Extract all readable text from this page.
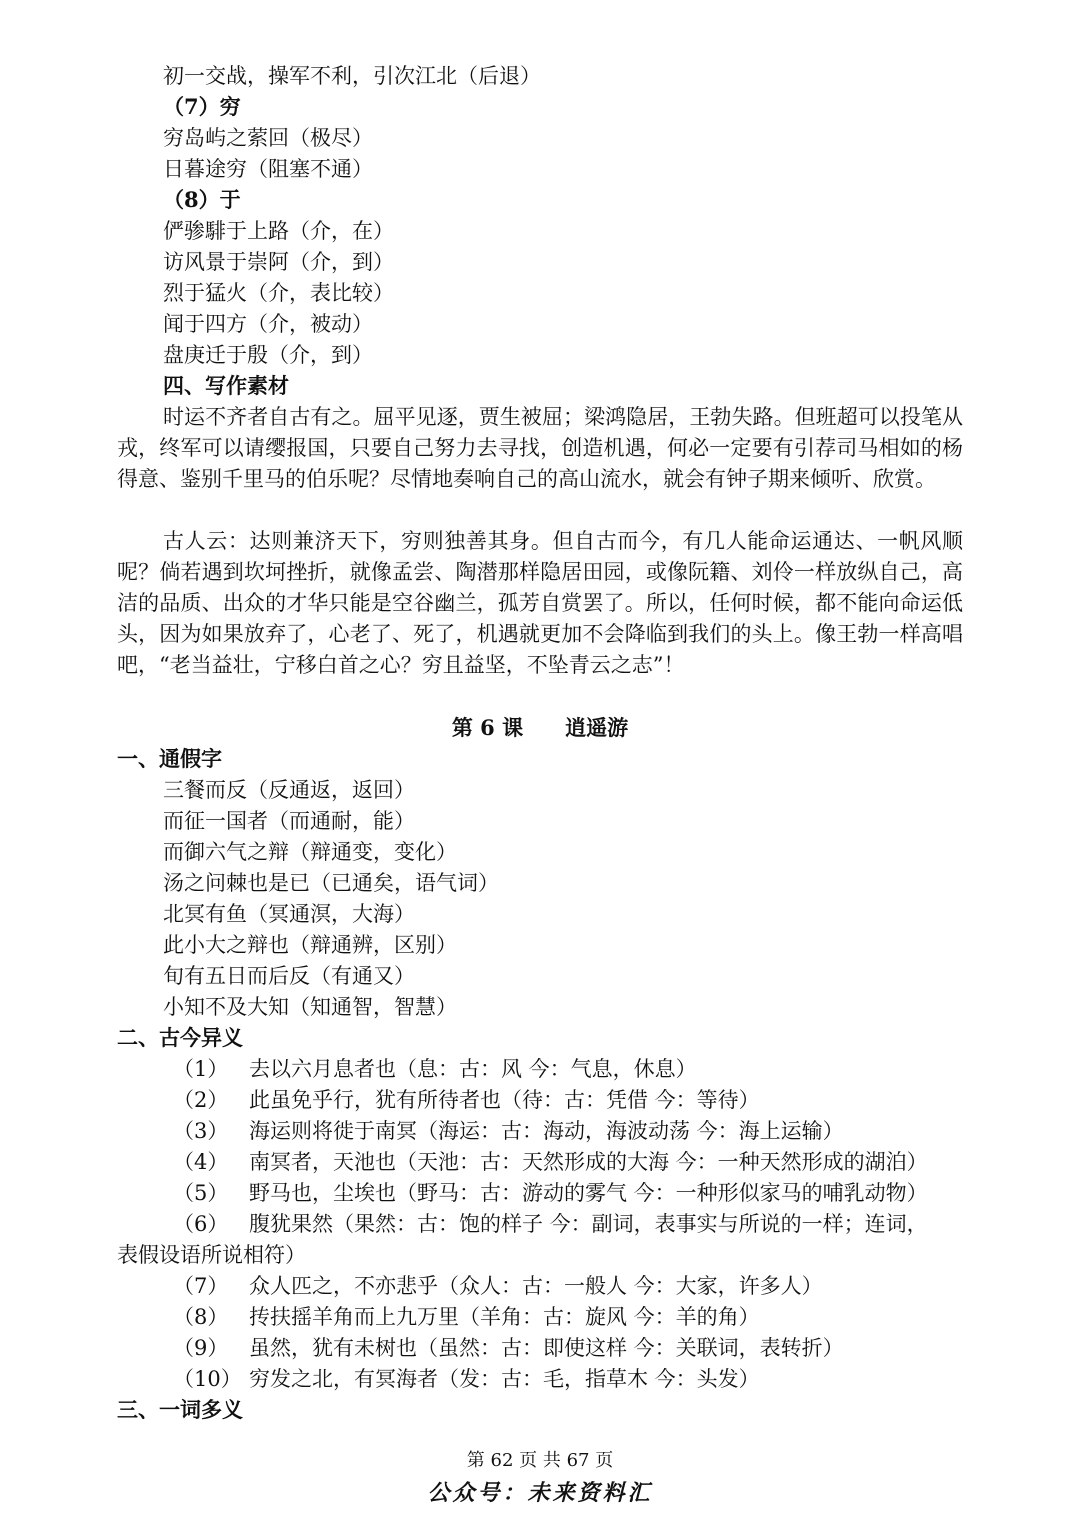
初一交战，操军不利，引次江北（后退）
（7）穷
穷岛屿之萦回（极尽）
日暮途穷（阻塞不通）
（8）于
俨骖騑于上路（介，在）
访风景于崇阿（介，到）
烈于猛火（介，表比较）
闻于四方（介，被动）
盘庚迁于殷（介，到）
四、写作素材
时运不齐者自古有之。屈平见逐，贾生被屈；梁鸿隐居，王勃失路。但班超可以投笔从戎，终军可以请缨报国，只要自己努力去寻找，创造机遇，何必一定要有引荐司马相如的杨得意、鉴别千里马的伯乐呢？尽情地奏响自己的高山流水，就会有钟子期来倾听、欣赏。
古人云：达则兼济天下，穷则独善其身。但自古而今，有几人能命运通达、一帆风顺呢？倘若遇到坎坷挫折，就像孟尝、陶潜那样隐居田园，或像阮籍、刘伶一样放纵自己，高洁的品质、出众的才华只能是空谷幽兰，孤芳自赏罢了。所以，任何时候，都不能向命运低头，因为如果放弃了，心老了、死了，机遇就更加不会降临到我们的头上。像王勃一样高唱吧，“老当益壮，宁移白首之心？穷且益坚，不坠青云之志”！
第 6 课 逍遥游
一、通假字
三餐而反（反通返，返回）
而征一国者（而通耐，能）
而御六气之辩（辩通变，变化）
汤之问棘也是已（已通矣，语气词）
北冥有鱼（冥通溟，大海）
此小大之辩也（辩通辨，区别）
旬有五日而后反（有通又）
小知不及大知（知通智，智慧）
二、古今异义
（1） 去以六月息者也（息：古：风 今：气息，休息）
（2） 此虽免乎行，犹有所待者也（待：古：凭借 今：等待）
（3） 海运则将徙于南冥（海运：古：海动，海波动荡 今：海上运输）
（4） 南冥者，天池也（天池：古：天然形成的大海 今：一种天然形成的湖泊）
（5） 野马也，尘埃也（野马：古：游动的雾气 今：一种形似家马的哺乳动物）
（6） 腹犹果然（果然：古：饱的样子 今：副词，表事实与所说的一样；连词，
表假设语所说相符）
（7） 众人匹之，不亦悲乎（众人：古：一般人 今：大家，许多人）
（8） 抟扶摇羊角而上九万里（羊角：古：旋风 今：羊的角）
（9） 虽然，犹有未树也（虽然：古：即使这样 今：关联词，表转折）
（10） 穷发之北，有冥海者（发：古：毛，指草木 今：头发）
三、一词多义
第 62 页 共 67 页
公众号：未来资料汇
